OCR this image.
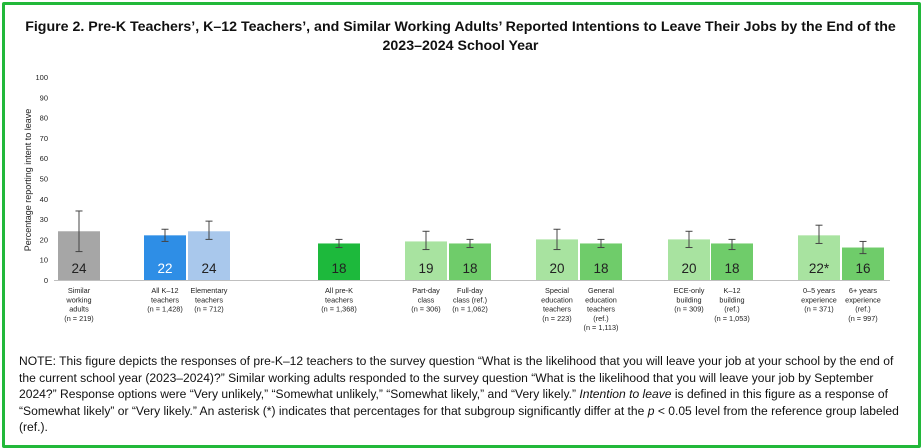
Figure 2. Pre-K Teachers’, K–12 Teachers’, and Similar Working Adults’ Reported Intentions to Leave Their Jobs by the End of the 2023–2024 School Year
0
10
20
30
40
50
60
70
80
90
100
Percentage reporting intent to leave
24	22 24	18	19 18	20 18	20 18	22* 16
Similar working adults (n = 219)
All K–12 teachers (n = 1,428)
Elementary teachers (n = 712)
All pre-K teachers (n = 1,368)
Part-day class (n = 306)
Full-day class (ref.) (n = 1,062)
Special education teachers (n = 223)
General education teachers (ref.) (n = 1,113)
ECE-only building (n = 309)
K–12 building (ref.) (n = 1,053)
0–5 years experience (n = 371)
6+ years experience (ref.) (n = 997)
NOTE: This figure depicts the responses of pre-K–12 teachers to the survey question “What is the likelihood that you will leave your job at your school by the end of the current school year (2023–2024)?” Similar working adults responded to the survey question “What is the likelihood that you will leave your job by September 2024?” Response options were “Very unlikely,” “Somewhat unlikely,” “Somewhat likely,” and “Very likely.” Intention to leave is defined in this figure as a response of “Somewhat likely” or “Very likely.” An asterisk (*) indicates that percentages for that subgroup significantly differ at the p < 0.05 level from the reference group labeled (ref.).
